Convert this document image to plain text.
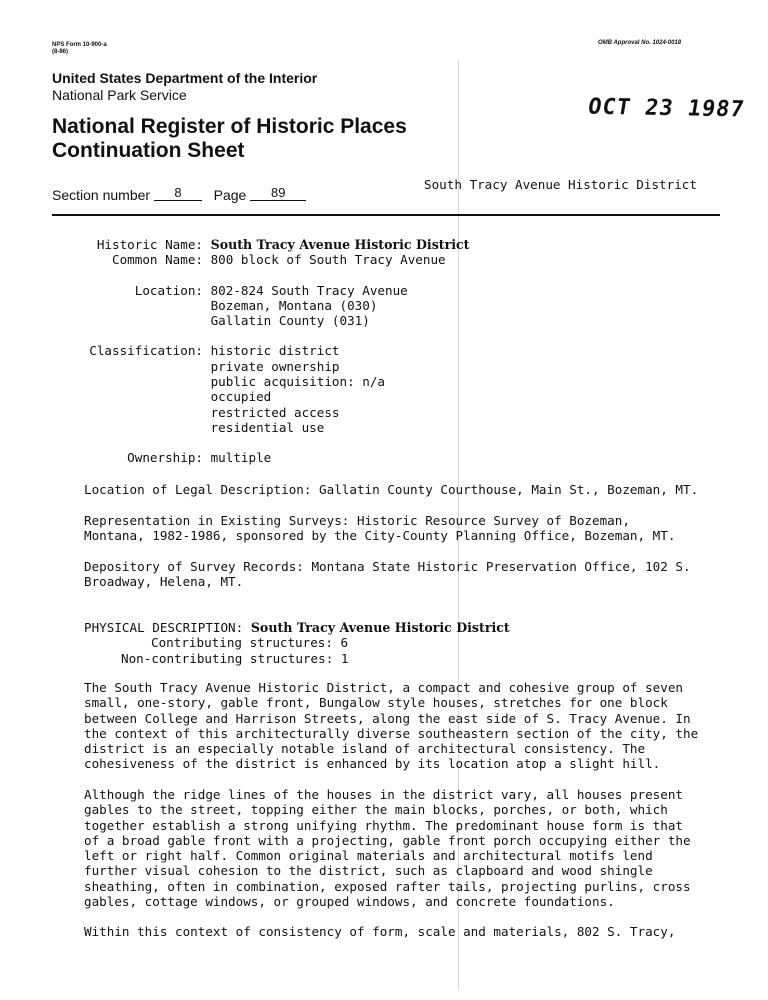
NPS Form 10-900-a
(8-86)
OMB Approval No. 1024-0018
United States Department of the Interior
National Park Service
National Register of Historic Places
Continuation Sheet
OCT 23 1987
Section number 8 Page 89
South Tracy Avenue Historic District
Historic Name: South Tracy Avenue Historic District
Common Name: 800 block of South Tracy Avenue
Location: 802-824 South Tracy Avenue
Bozeman, Montana (030)
Gallatin County (031)
Classification: historic district
private ownership
public acquisition: n/a
occupied
restricted access
residential use
Ownership: multiple
Location of Legal Description: Gallatin County Courthouse, Main St., Bozeman, MT.
Representation in Existing Surveys: Historic Resource Survey of Bozeman,
Montana, 1982-1986, sponsored by the City-County Planning Office, Bozeman, MT.
Depository of Survey Records: Montana State Historic Preservation Office, 102 S.
Broadway, Helena, MT.
PHYSICAL DESCRIPTION: South Tracy Avenue Historic District
Contributing structures: 6
Non-contributing structures: 1
The South Tracy Avenue Historic District, a compact and cohesive group of seven
small, one-story, gable front, Bungalow style houses, stretches for one block
between College and Harrison Streets, along the east side of S. Tracy Avenue. In
the context of this architecturally diverse southeastern section of the city, the
district is an especially notable island of architectural consistency. The
cohesiveness of the district is enhanced by its location atop a slight hill.
Although the ridge lines of the houses in the district vary, all houses present
gables to the street, topping either the main blocks, porches, or both, which
together establish a strong unifying rhythm. The predominant house form is that
of a broad gable front with a projecting, gable front porch occupying either the
left or right half. Common original materials and architectural motifs lend
further visual cohesion to the district, such as clapboard and wood shingle
sheathing, often in combination, exposed rafter tails, projecting purlins, cross
gables, cottage windows, or grouped windows, and concrete foundations.
Within this context of consistency of form, scale and materials, 802 S. Tracy,
